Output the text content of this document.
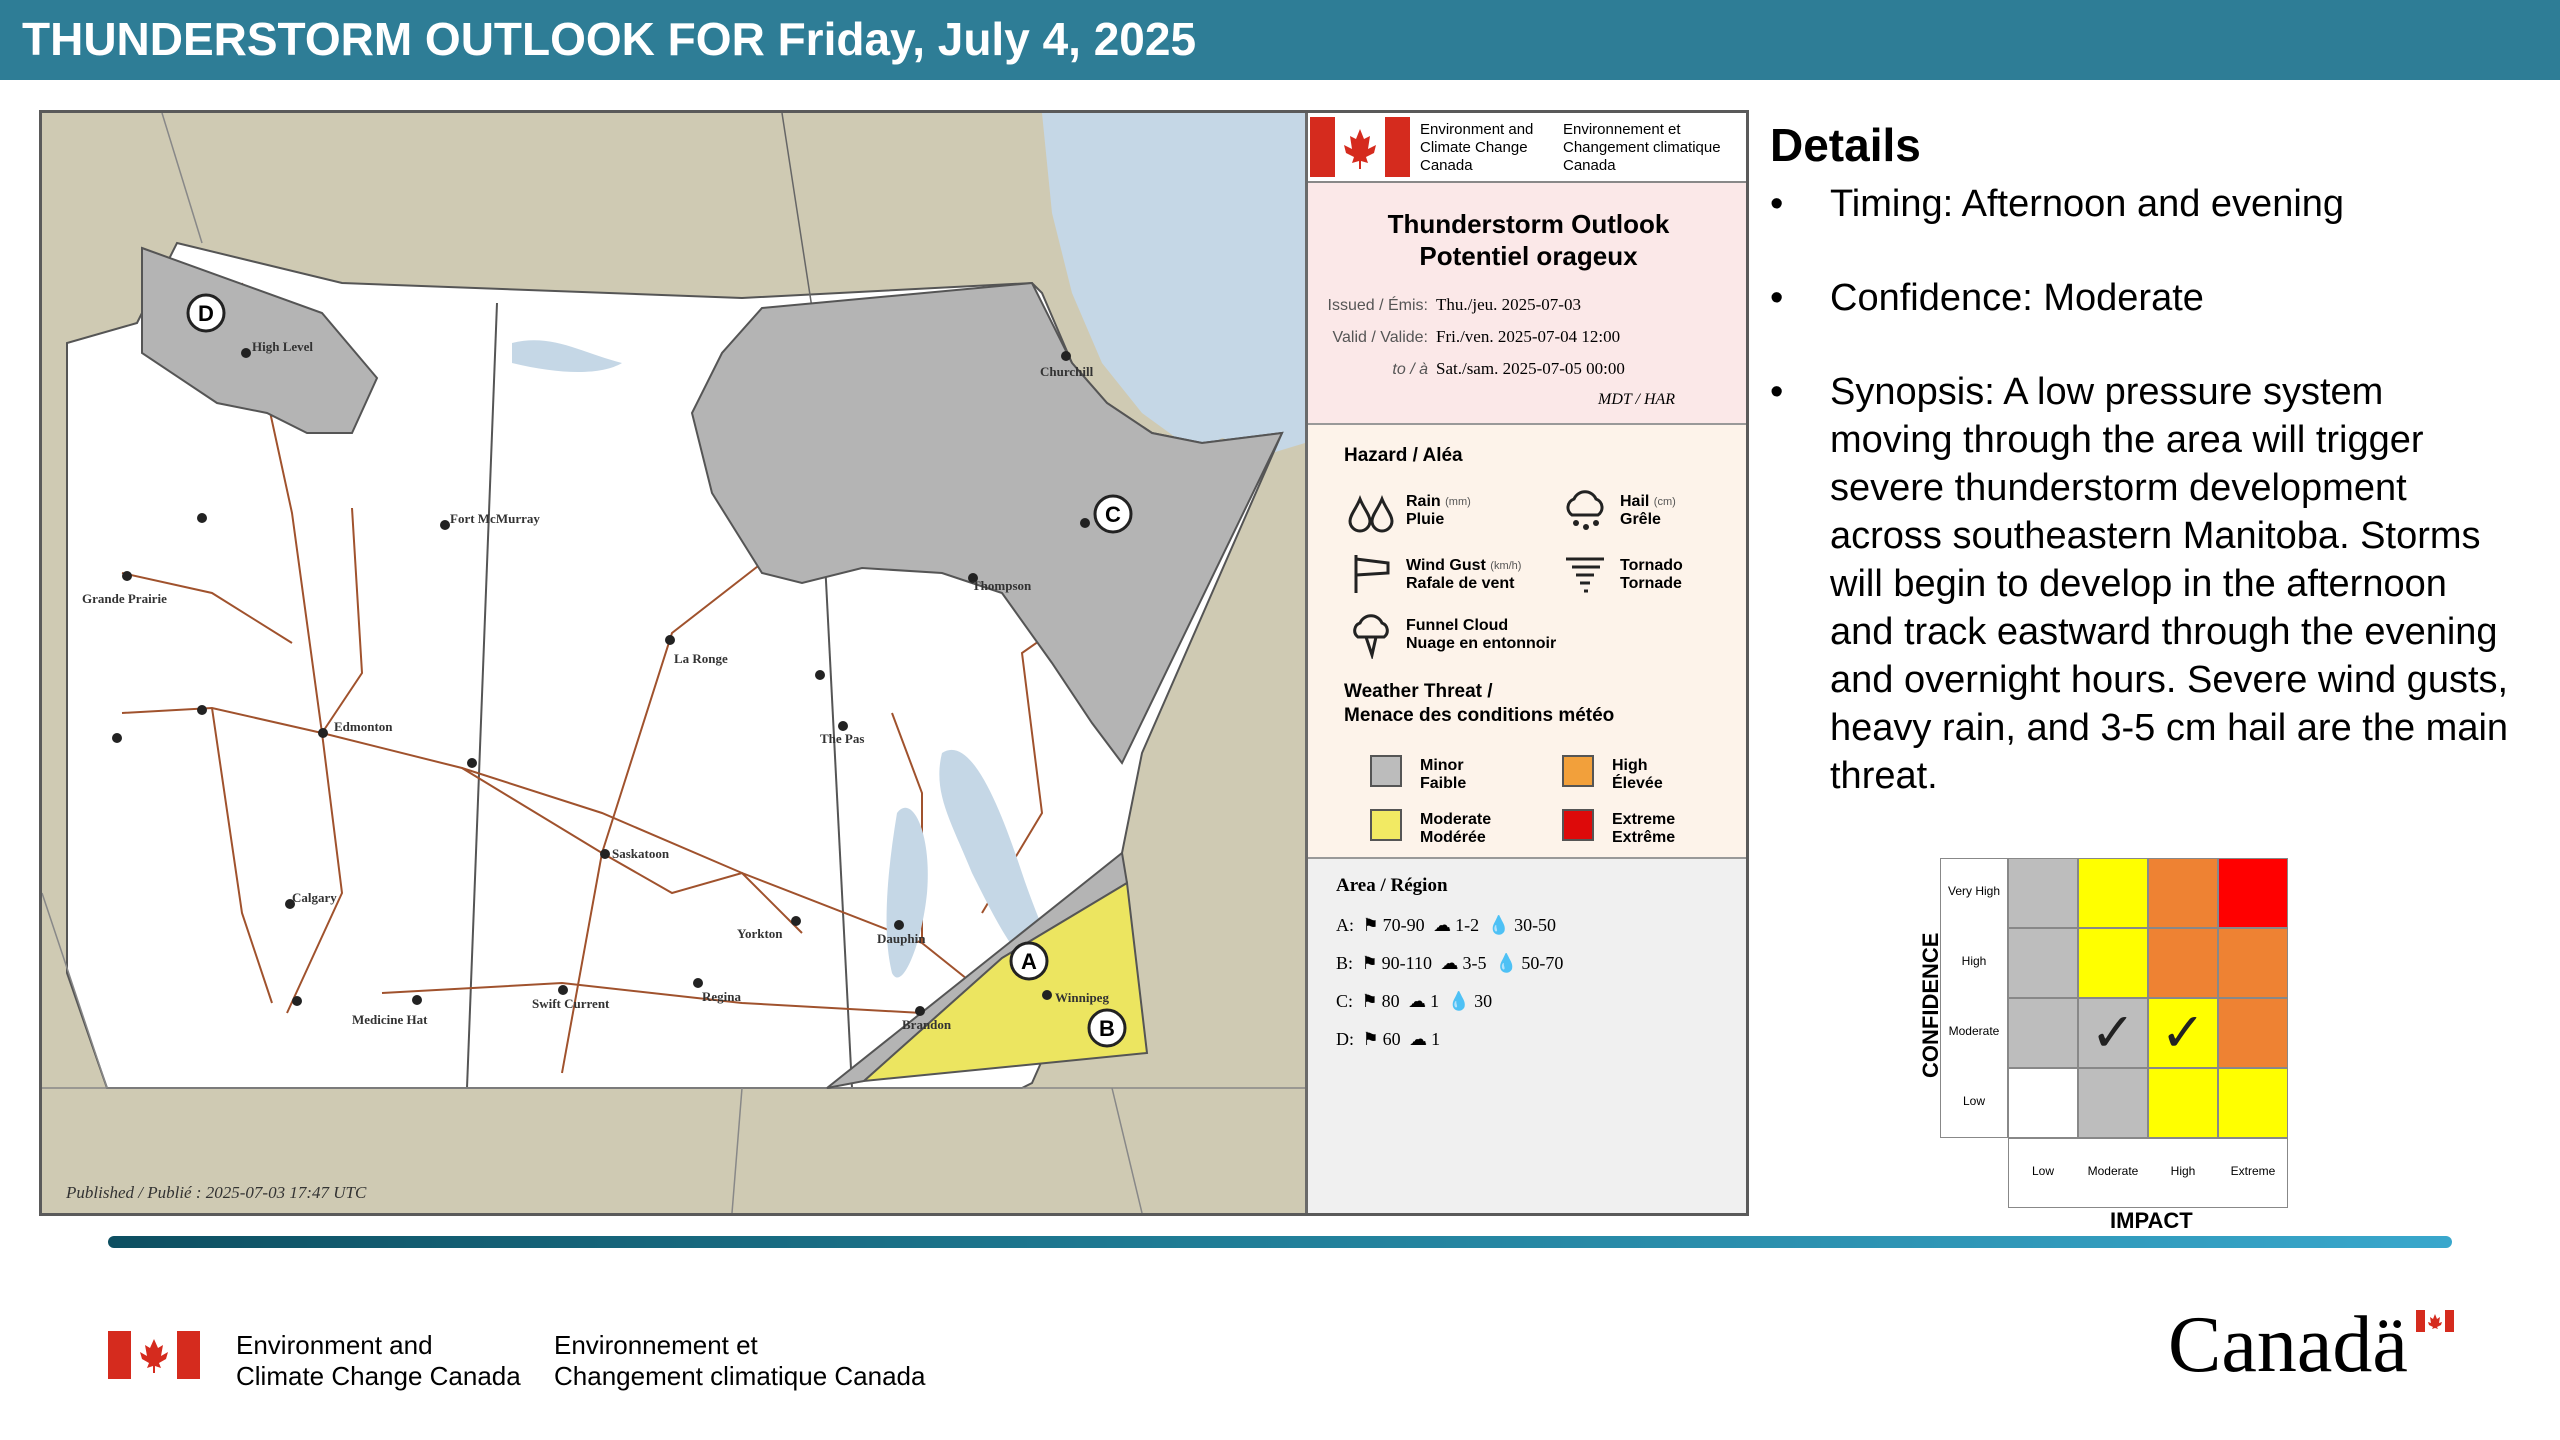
THUNDERSTORM OUTLOOK FOR Friday, July 4, 2025
High Level
Fort McMurray
Grande Prairie
Edmonton
Calgary
Medicine Hat
Swift Current	Regina
Saskatoon
La Ronge
Yorkton
The Pas
Thompson
Churchill
Dauphin
Brandon
Winnipeg
D
C
A
B
Published / Publié : 2025-07-03 17:47 UTC
Environment and Climate Change Canada
Environnement et Changement climatique Canada
Thunderstorm Outlook
Potentiel orageux
Issued / Émis: Thu./jeu. 2025-07-03
Valid / Valide: Fri./ven. 2025-07-04 12:00
to / à Sat./sam. 2025-07-05 00:00
MDT / HAR
Hazard / Aléa
Rain $^{(mm)}$
Pluie
Hail $^{(cm)}$
Grêle
Wind Gust $^{(km/h)}$
Rafale de vent
Tornado
Tornade
Funnel Cloud
Nuage en entonnoir
Weather Threat /
Menace des conditions météo
Minor
Faible
High
Élevée
Moderate
Modérée
Extreme
Extrême
Area / Région
A: ⚑ 70-90 ☁ 1-2 💧 30-50
B: ⚑ 90-110 ☁ 3-5 💧 50-70
C: ⚑ 80 ☁ 1 💧 30
D: ⚑ 60 ☁ 1
Details
• Timing: Afternoon and evening
• Confidence: Moderate
• Synopsis: A low pressure system moving through the area will trigger severe thunderstorm development across southeastern Manitoba. Storms will begin to develop in the afternoon and track eastward through the evening and overnight hours. Severe wind gusts, heavy rain, and 3-5 cm hail are the main threat.
Very High
High
Moderate
Low
Low	Moderate	High	Extreme
✓ ✓
CONFIDENCE
IMPACT
Environment and
Climate Change Canada
Environnement et
Changement climatique Canada	Canadä
